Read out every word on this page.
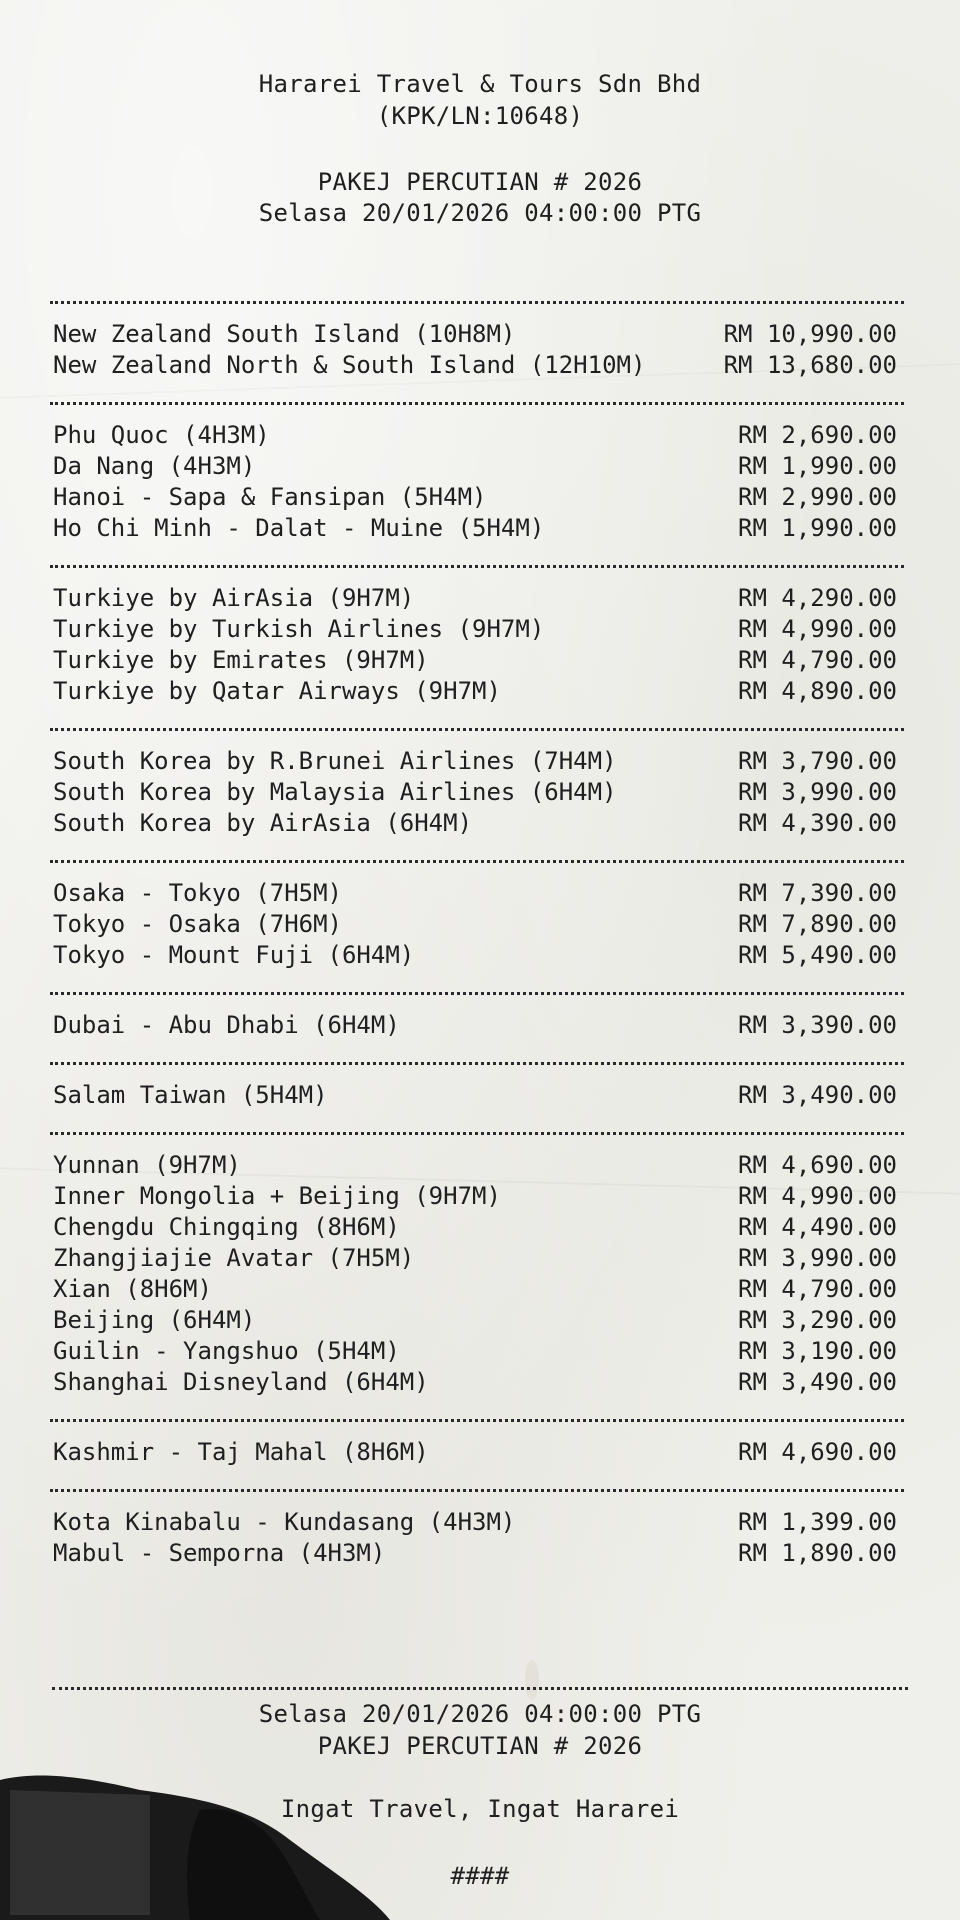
Hararei Travel & Tours Sdn Bhd
(KPK/LN:10648)
PAKEJ PERCUTIAN # 2026
Selasa 20/01/2026 04:00:00 PTG
New Zealand South Island (10H8M)	RM 10,990.00
New Zealand North & South Island (12H10M)	RM 13,680.00
Phu Quoc (4H3M)	RM 2,690.00
Da Nang (4H3M)	RM 1,990.00
Hanoi - Sapa & Fansipan (5H4M)	RM 2,990.00
Ho Chi Minh - Dalat - Muine (5H4M)	RM 1,990.00
Turkiye by AirAsia (9H7M)	RM 4,290.00
Turkiye by Turkish Airlines (9H7M)	RM 4,990.00
Turkiye by Emirates (9H7M)	RM 4,790.00
Turkiye by Qatar Airways (9H7M)	RM 4,890.00
South Korea by R.Brunei Airlines (7H4M)	RM 3,790.00
South Korea by Malaysia Airlines (6H4M)	RM 3,990.00
South Korea by AirAsia (6H4M)	RM 4,390.00
Osaka - Tokyo (7H5M)	RM 7,390.00
Tokyo - Osaka (7H6M)	RM 7,890.00
Tokyo - Mount Fuji (6H4M)	RM 5,490.00
Dubai - Abu Dhabi (6H4M)	RM 3,390.00
Salam Taiwan (5H4M)	RM 3,490.00
Yunnan (9H7M)	RM 4,690.00
Inner Mongolia + Beijing (9H7M)	RM 4,990.00
Chengdu Chingqing (8H6M)	RM 4,490.00
Zhangjiajie Avatar (7H5M)	RM 3,990.00
Xian (8H6M)	RM 4,790.00
Beijing (6H4M)	RM 3,290.00
Guilin - Yangshuo (5H4M)	RM 3,190.00
Shanghai Disneyland (6H4M)	RM 3,490.00
Kashmir - Taj Mahal (8H6M)	RM 4,690.00
Kota Kinabalu - Kundasang (4H3M)	RM 1,399.00
Mabul - Semporna (4H3M)	RM 1,890.00
Selasa 20/01/2026 04:00:00 PTG
PAKEJ PERCUTIAN # 2026
Ingat Travel, Ingat Hararei
####
